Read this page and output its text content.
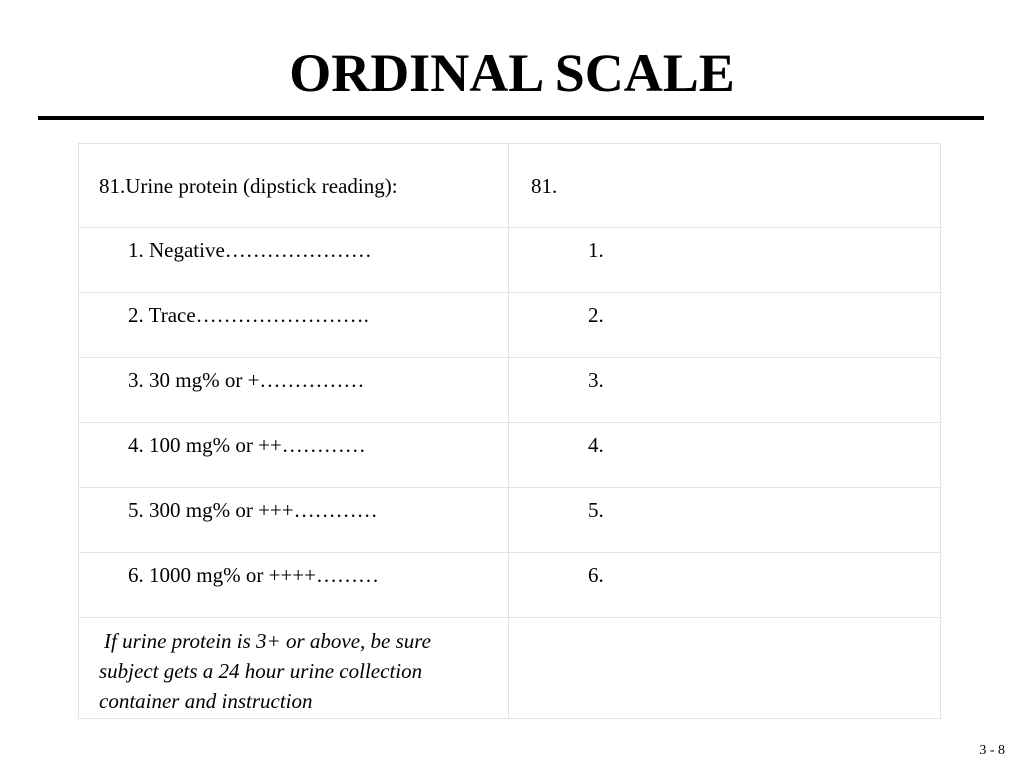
ORDINAL SCALE
81.Urine protein (dipstick reading):	81.

1. Negative…………………	1.

2. Trace…………………….	2.

3. 30 mg% or +……………	3.

4. 100 mg% or ++…………	4.

5. 300 mg% or +++…………	5.

6. 1000 mg% or ++++………	6.

If urine protein is 3+ or above, be sure subject gets a 24 hour urine collection container and instruction	

3 - 8
